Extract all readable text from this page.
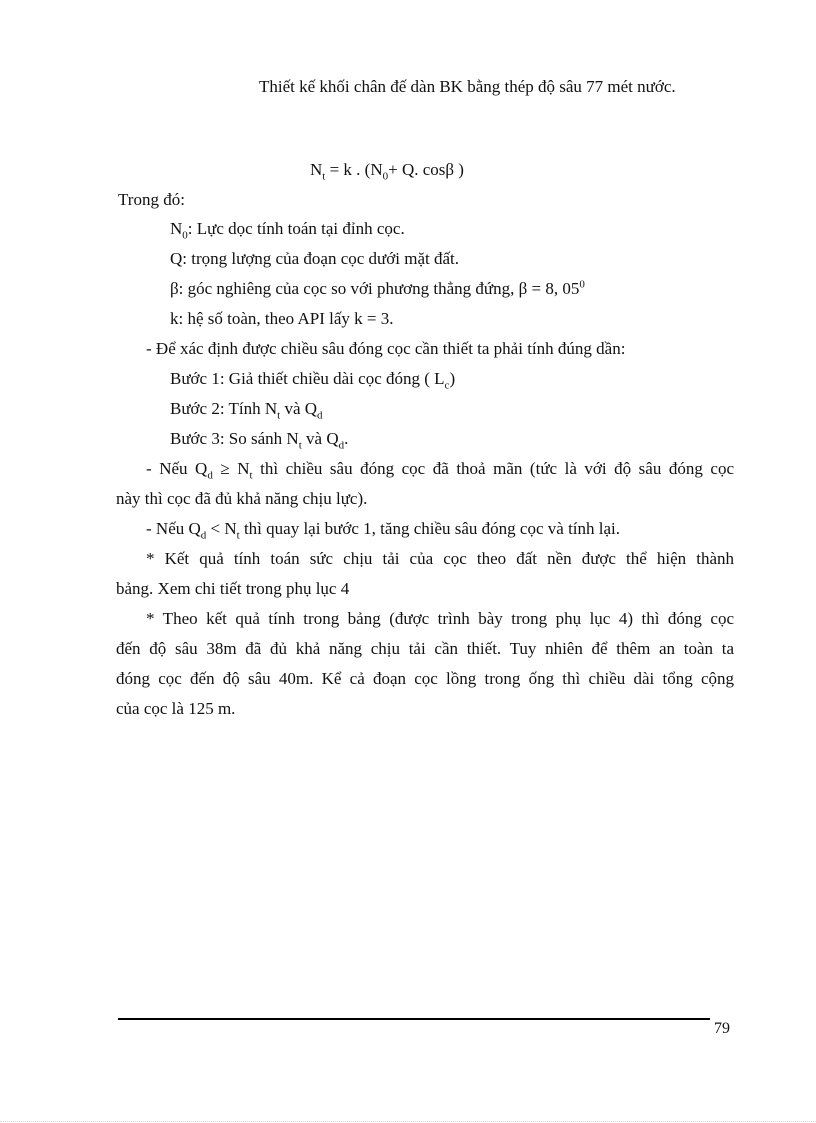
Thiết kế khối chân đế dàn BK bằng thép độ sâu 77 mét nước.
$N_t = k$ . ($N_0+ Q$. cosβ )
Trong đó:
$N_0$: Lực dọc tính toán tại đỉnh cọc.
Q: trọng lượng của đoạn cọc dưới mặt đất.
β: góc nghiêng của cọc so với phương thẳng đứng, β = 8, $05^0$
k: hệ số toàn, theo API lấy k = 3.
- Để xác định được chiều sâu đóng cọc cần thiết ta phải tính đúng dần:
Bước 1: Giả thiết chiều dài cọc đóng ( $L_c$)
Bước 2: Tính $N_t$ và $Q_d$
Bước 3: So sánh $N_t$ và $Q_d$.
- Nếu $Q_d \ge N_t$ thì chiều sâu đóng cọc đã thoả mãn (tức là với độ sâu đóng cọc
này thì cọc đã đủ khả năng chịu lực).
- Nếu $Q_d < N_t$ thì quay lại bước 1, tăng chiều sâu đóng cọc và tính lại.
* Kết quả tính toán sức chịu tải của cọc theo đất nền được thể hiện thành
bảng. Xem chi tiết trong phụ lục 4
* Theo kết quả tính trong bảng (được trình bày trong phụ lục 4) thì đóng cọc
đến độ sâu 38m đã đủ khả năng chịu tải cần thiết. Tuy nhiên để thêm an toàn ta
đóng cọc đến độ sâu 40m. Kể cả đoạn cọc lồng trong ống thì chiều dài tổng cộng
của cọc là 125 m.
79
